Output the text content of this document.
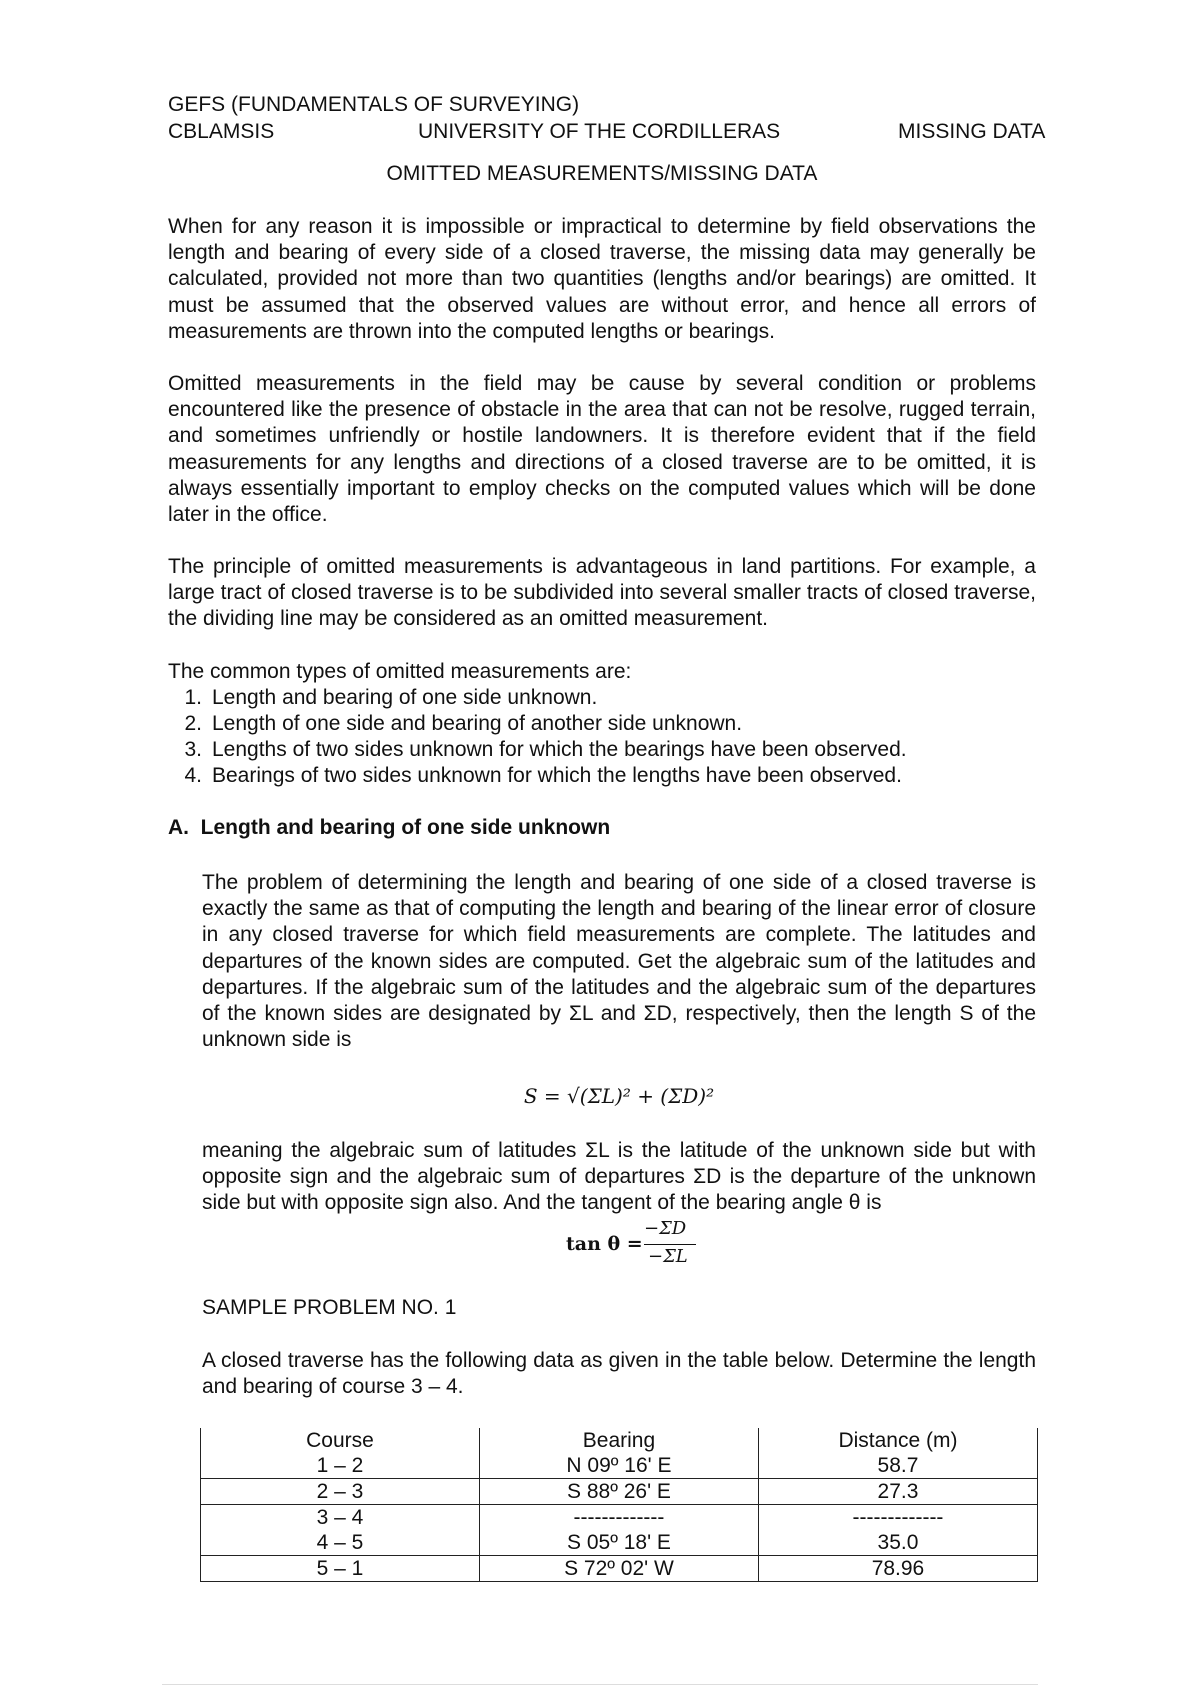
GEFS (FUNDAMENTALS OF SURVEYING)
CBLAMSIS	UNIVERSITY OF THE CORDILLERAS	MISSING DATA
OMITTED MEASUREMENTS/MISSING DATA

When for any reason it is impossible or impractical to determine by field observations the length and bearing of every side of a closed traverse, the missing data may generally be calculated, provided not more than two quantities (lengths and/or bearings) are omitted. It must be assumed that the observed values are without error, and hence all errors of measurements are thrown into the computed lengths or bearings.

Omitted measurements in the field may be cause by several condition or problems encountered like the presence of obstacle in the area that can not be resolve, rugged terrain, and sometimes unfriendly or hostile landowners. It is therefore evident that if the field measurements for any lengths and directions of a closed traverse are to be omitted, it is always essentially important to employ checks on the computed values which will be done later in the office.

The principle of omitted measurements is advantageous in land partitions. For example, a large tract of closed traverse is to be subdivided into several smaller tracts of closed traverse, the dividing line may be considered as an omitted measurement.

The common types of omitted measurements are:
1. Length and bearing of one side unknown.
2. Length of one side and bearing of another side unknown.
3. Lengths of two sides unknown for which the bearings have been observed.
4. Bearings of two sides unknown for which the lengths have been observed.
A.  Length and bearing of one side unknown

The problem of determining the length and bearing of one side of a closed traverse is exactly the same as that of computing the length and bearing of the linear error of closure in any closed traverse for which field measurements are complete. The latitudes and departures of the known sides are computed. Get the algebraic sum of the latitudes and departures. If the algebraic sum of the latitudes and the algebraic sum of the departures of the known sides are designated by ΣL and ΣD, respectively, then the length S of the unknown side is

S = √(ΣL)² + (ΣD)²

meaning the algebraic sum of latitudes ΣL is the latitude of the unknown side but with opposite sign and the algebraic sum of departures ΣD is the departure of the unknown side but with opposite sign also. And the tangent of the bearing angle θ is

tan θ =
−ΣD
−ΣL
SAMPLE PROBLEM NO. 1

A closed traverse has the following data as given in the table below. Determine the length and bearing of course 3 – 4.

Course	Bearing	Distance (m)
1 – 2	N 09º 16' E	58.7
2 – 3	S 88º 26' E	27.3
3 – 4	-------------	-------------
4 – 5	S 05º 18' E	35.0
5 – 1	S 72º 02' W	78.96
